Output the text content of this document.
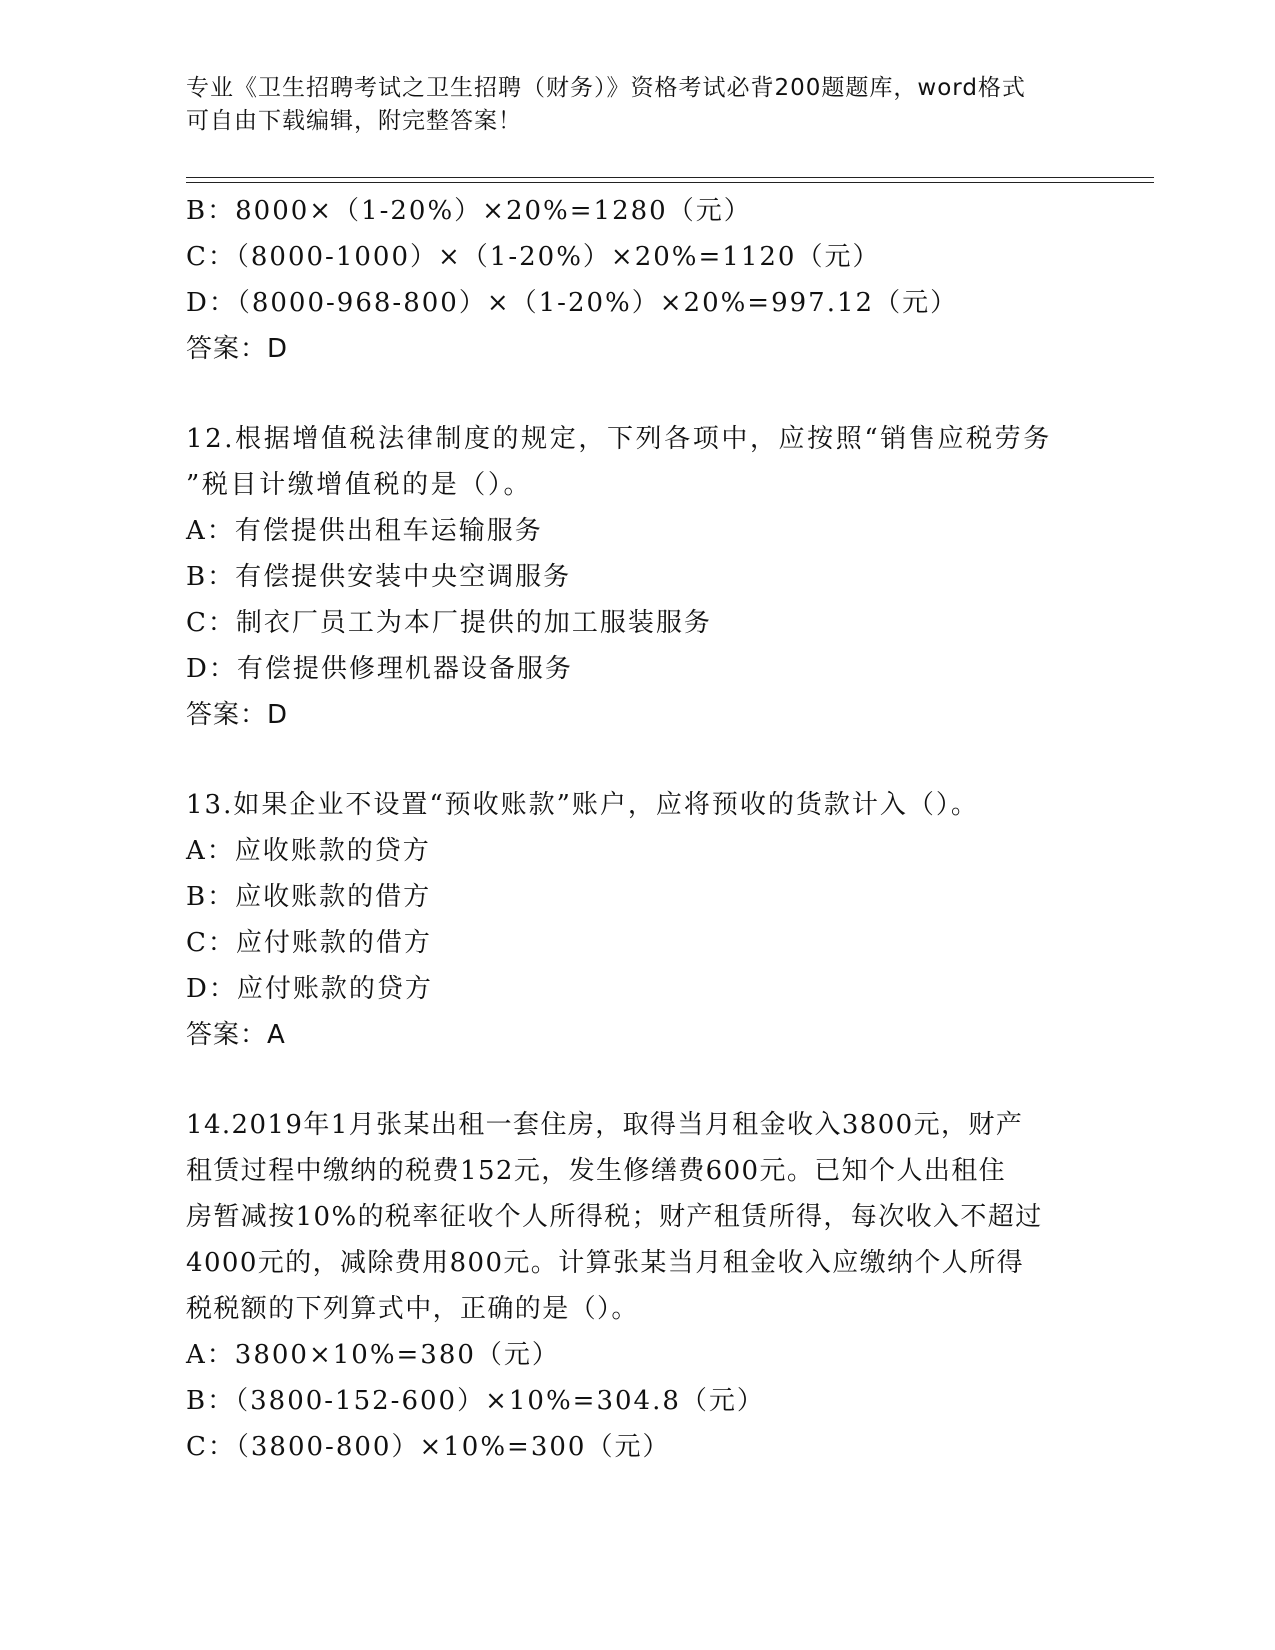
专业《卫生招聘考试之卫生招聘（财务）》资格考试必背200题题库，word格式
可自由下载编辑，附完整答案！
B：8000×（1-20%）×20%=1280（元）
C：（8000-1000）×（1-20%）×20%=1120（元）
D：（8000-968-800）×（1-20%）×20%=997.12（元）
答案：D
12.根据增值税法律制度的规定，下列各项中，应按照“销售应税劳务
”税目计缴增值税的是（）。
A：有偿提供出租车运输服务
B：有偿提供安装中央空调服务
C：制衣厂员工为本厂提供的加工服装服务
D：有偿提供修理机器设备服务
答案：D
13.如果企业不设置“预收账款”账户，应将预收的货款计入（）。
A：应收账款的贷方
B：应收账款的借方
C：应付账款的借方
D：应付账款的贷方
答案：A
14.2019年1月张某出租一套住房，取得当月租金收入3800元，财产
租赁过程中缴纳的税费152元，发生修缮费600元。已知个人出租住
房暂减按10%的税率征收个人所得税；财产租赁所得，每次收入不超过
4000元的，减除费用800元。计算张某当月租金收入应缴纳个人所得
税税额的下列算式中，正确的是（）。
A：3800×10%=380（元）
B：（3800-152-600）×10%=304.8（元）
C：（3800-800）×10%=300（元）
